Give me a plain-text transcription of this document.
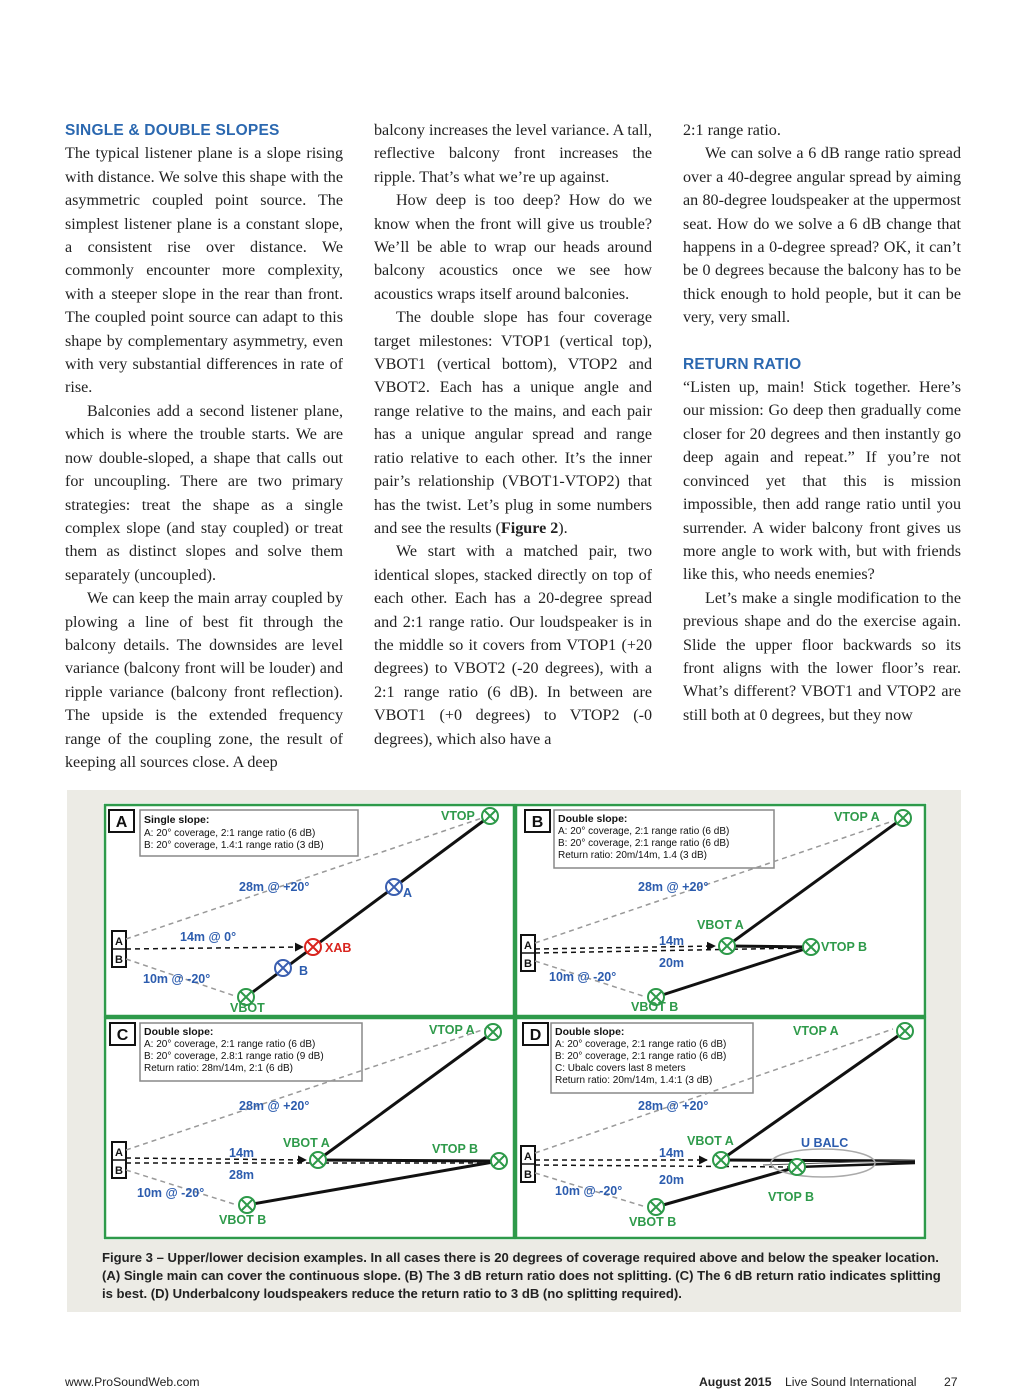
SINGLE & DOUBLE SLOPES

The typical listener plane is a slope rising with distance. We solve this shape with the asymmetric coupled point source. The simplest listener plane is a constant slope, a consistent rise over distance. We commonly encounter more complexity, with a steeper slope in the rear than front. The coupled point source can adapt to this shape by complementary asymmetry, even with very substantial differences in rate of rise.

Balconies add a second listener plane, which is where the trouble starts. We are now double-sloped, a shape that calls out for uncoupling. There are two primary strategies: treat the shape as a single complex slope (and stay coupled) or treat them as distinct slopes and solve them separately (uncoupled).

We can keep the main array coupled by plowing a line of best fit through the balcony details. The downsides are level variance (balcony front will be louder) and ripple variance (balcony front reflection). The upside is the extended frequency range of the coupling zone, the result of keeping all sources close. A deep

balcony increases the level variance. A tall, reflective balcony front increases the ripple. That’s what we’re up against.

How deep is too deep? How do we know when the front will give us trouble? We’ll be able to wrap our heads around balcony acoustics once we see how acoustics wraps itself around balconies.

The double slope has four coverage target milestones: VTOP1 (vertical top), VBOT1 (vertical bottom), VTOP2 and VBOT2. Each has a unique angle and range relative to the mains, and each pair has a unique angular spread and range ratio relative to each other. It’s the inner pair’s relationship (VBOT1-VTOP2) that has the twist. Let’s plug in some numbers and see the results (Figure 2).

We start with a matched pair, two identical slopes, stacked directly on top of each other. Each has a 20-degree spread and 2:1 range ratio. Our loudspeaker is in the middle so it covers from VTOP1 (+20 degrees) to VBOT2 (-20 degrees), with a 2:1 range ratio (6 dB). In between are VBOT1 (+0 degrees) to VTOP2 (-0 degrees), which also have a

2:1 range ratio.

We can solve a 6 dB range ratio spread over a 40-degree angular spread by aiming an 80-degree loudspeaker at the uppermost seat. How do we solve a 6 dB change that happens in a 0-degree spread? OK, it can’t be 0 degrees because the balcony has to be thick enough to hold people, but it can be very, very small.

RETURN RATIO

“Listen up, main! Stick together. Here’s our mission: Go deep then gradually come closer for 20 degrees and then instantly go deep again and repeat.” If you’re not convinced yet that this is mission impossible, then add range ratio until you surrender. A wider balcony front gives us more angle to work with, but with friends like this, who needs enemies?

Let’s make a single modification to the previous shape and do the exercise again. Slide the upper floor backwards so its front aligns with the lower floor’s rear. What’s different? VBOT1 and VTOP2 are still both at 0 degrees, but they now

A Single slope:
A: 20° coverage, 2:1 range ratio (6 dB)
B: 20° coverage, 1.4:1 range ratio (3 dB)
A
B
VTOP
28m @ +20°	A
14m @ 0°
XAB
B
10m @ -20°
VBOT
B Double slope:
A: 20° coverage, 2:1 range ratio (6 dB)
B: 20° coverage, 2:1 range ratio (6 dB)
Return ratio: 20m/14m, 1.4 (3 dB)
A
B
VTOP A
28m @ +20°
VBOT A
14m
20m
VTOP B
10m @ -20°
VBOT B
C Double slope:
A: 20° coverage, 2:1 range ratio (6 dB)
B: 20° coverage, 2.8:1 range ratio (9 dB)
Return ratio: 28m/14m, 2:1 (6 dB)
A
B
VTOP A
28m @ +20°
VBOT A	VTOP B
14m
28m
10m @ -20°
VBOT B
D Double slope:
A: 20° coverage, 2:1 range ratio (6 dB)
B: 20° coverage, 2:1 range ratio (6 dB)
C: Ubalc covers last 8 meters
Return ratio: 20m/14m, 1.4:1 (3 dB)
A
B
VTOP A
28m @ +20°
VBOT A	U BALC
14m
20m
VTOP B
10m @ -20°
VBOT B
Figure 3 – Upper/lower decision examples. In all cases there is 20 degrees of coverage required above and below the speaker location. (A) Single main can cover the continuous slope. (B) The 3 dB return ratio does not splitting. (C) The 6 dB return ratio indicates splitting is best. (D) Underbalcony loudspeakers reduce the return ratio to 3 dB (no splitting required).
www.ProSoundWeb.com	August 2015 Live Sound International 27
